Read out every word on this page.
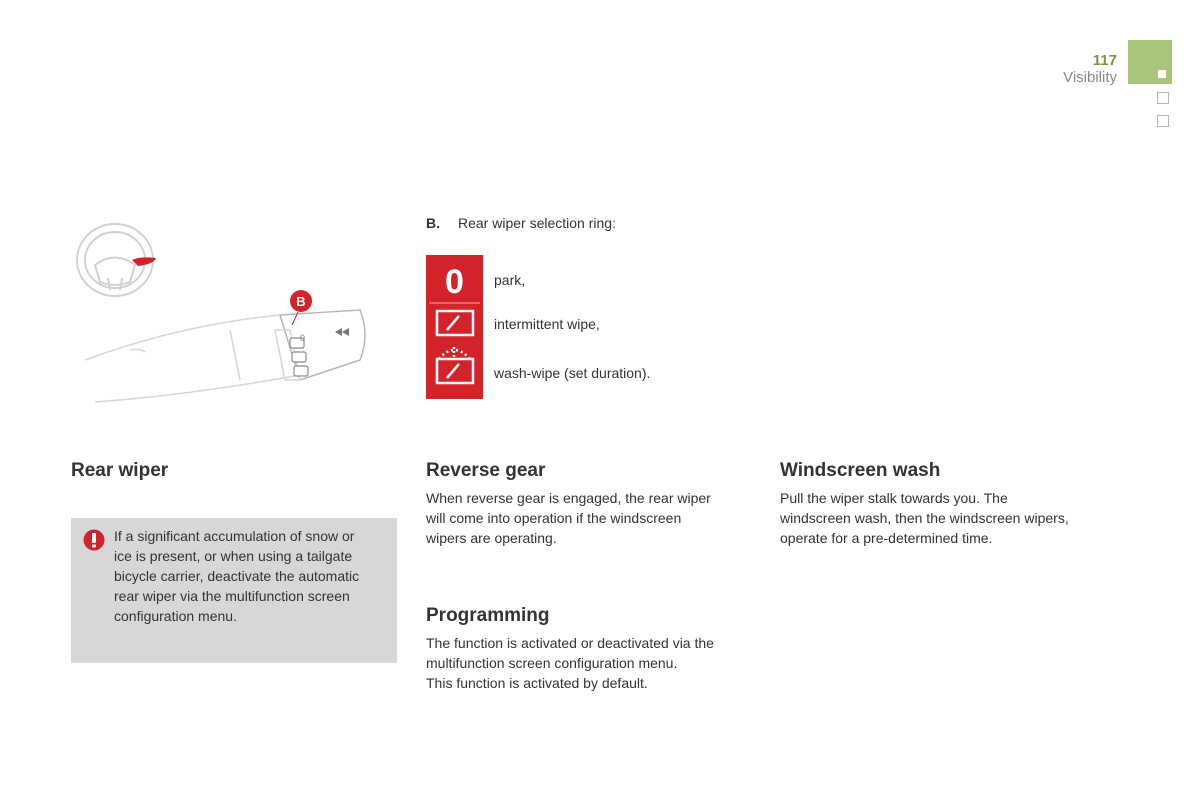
117
Visibility
0
B
B. Rear wiper selection ring:
0 park,
intermittent wipe,
wash-wipe (set duration).
Rear wiper
If a significant accumulation of snow or
ice is present, or when using a tailgate
bicycle carrier, deactivate the automatic
rear wiper via the multifunction screen
configuration menu.
Reverse gear
When reverse gear is engaged, the rear wiper
will come into operation if the windscreen
wipers are operating.
Programming
The function is activated or deactivated via the
multifunction screen configuration menu.
This function is activated by default.
Windscreen wash
Pull the wiper stalk towards you. The
windscreen wash, then the windscreen wipers,
operate for a pre-determined time.
